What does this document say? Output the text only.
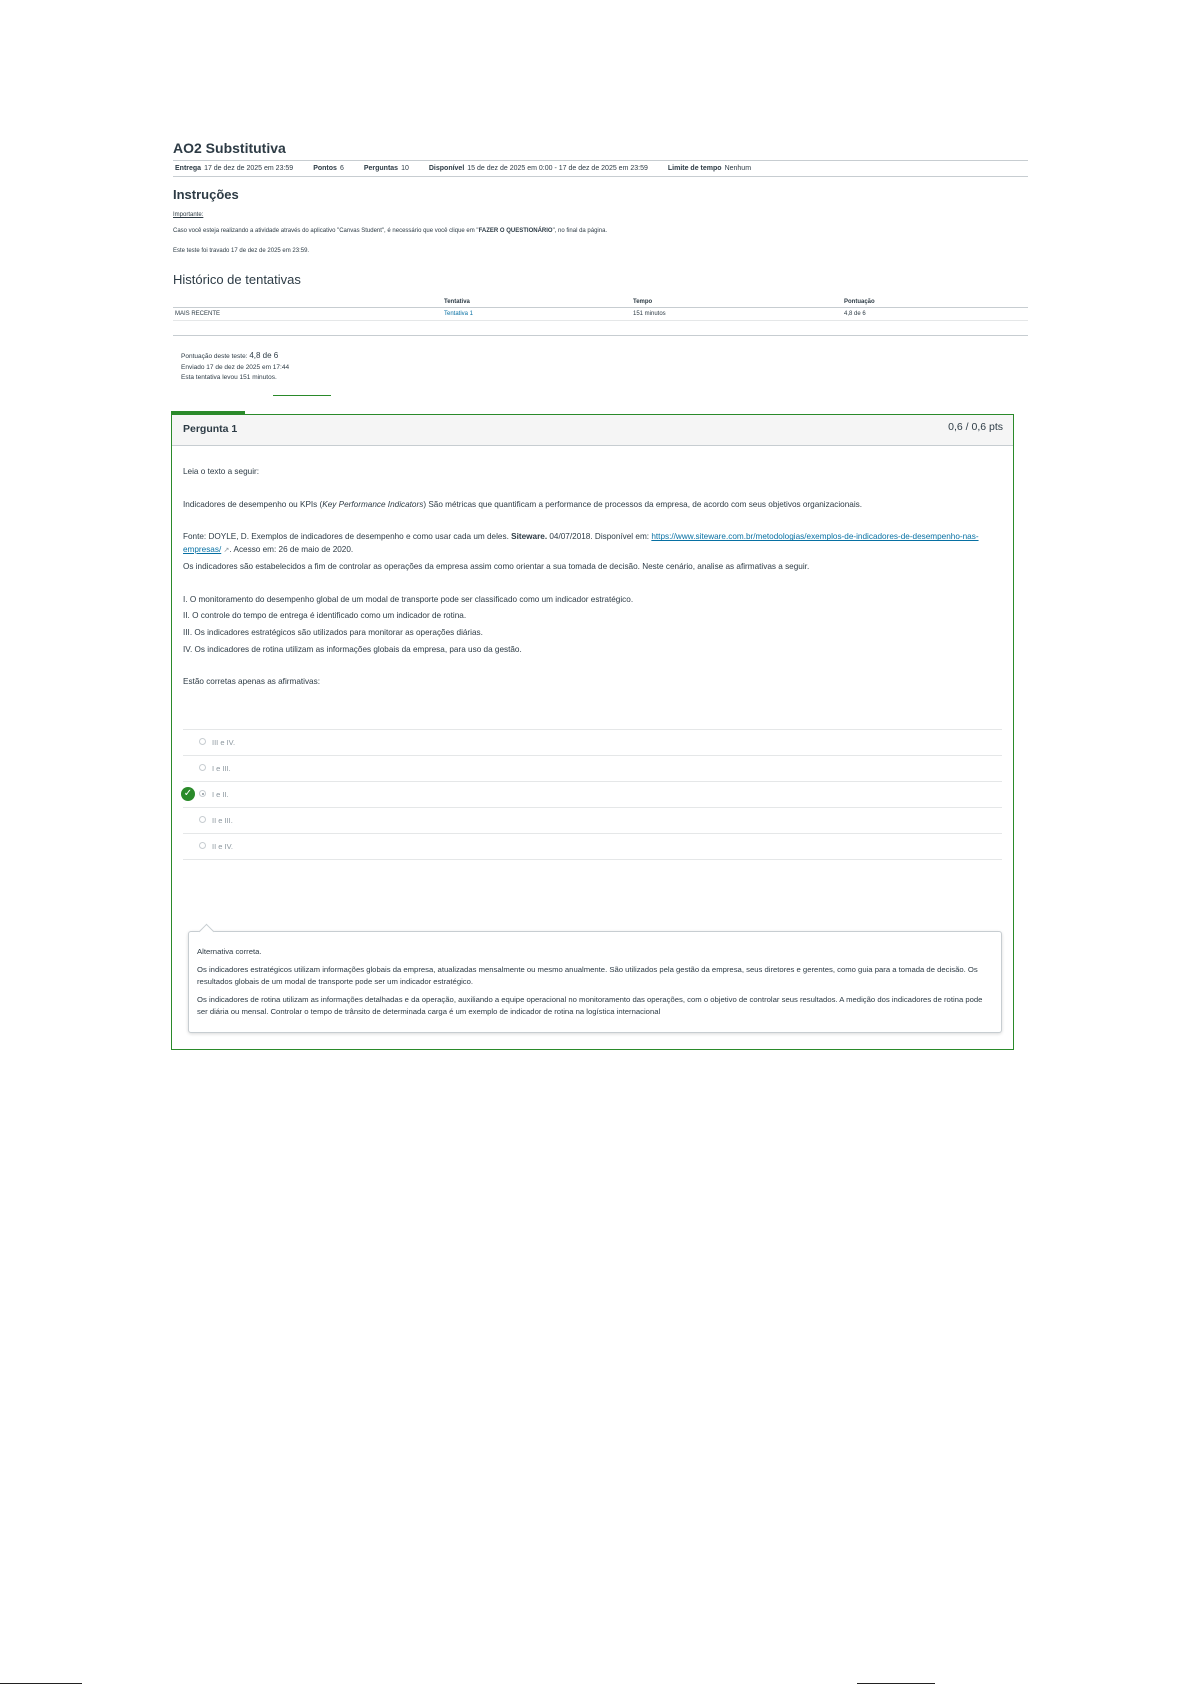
AO2 Substitutiva
Entrega 17 de dez de 2025 em 23:59	Pontos 6	Perguntas 10	Disponível 15 de dez de 2025 em 0:00 - 17 de dez de 2025 em 23:59	Limite de tempo Nenhum
Instruções

Importante:

Caso você esteja realizando a atividade através do aplicativo "Canvas Student", é necessário que você clique em "FAZER O QUESTIONÁRIO", no final da página.

Este teste foi travado 17 de dez de 2025 em 23:59.

Histórico de tentativas
	Tentativa	Tempo	Pontuação
MAIS RECENTE	Tentativa 1	151 minutos	4,8 de 6

Pontuação deste teste: 4,8 de 6
Enviado 17 de dez de 2025 em 17:44
Esta tentativa levou 151 minutos.
Pergunta 1	0,6 / 0,6 pts

Leia o texto a seguir:

Indicadores de desempenho ou KPIs (Key Performance Indicators) São métricas que quantificam a performance de processos da empresa, de acordo com seus objetivos organizacionais.

Fonte: DOYLE, D. Exemplos de indicadores de desempenho e como usar cada um deles. Siteware. 04/07/2018. Disponível em: https://www.siteware.com.br/metodologias/exemplos-de-indicadores-de-desempenho-nas-empresas/ ↗. Acesso em: 26 de maio de 2020.

Os indicadores são estabelecidos a fim de controlar as operações da empresa assim como orientar a sua tomada de decisão. Neste cenário, analise as afirmativas a seguir.

I. O monitoramento do desempenho global de um modal de transporte pode ser classificado como um indicador estratégico.

II. O controle do tempo de entrega é identificado como um indicador de rotina.

III. Os indicadores estratégicos são utilizados para monitorar as operações diárias.

IV. Os indicadores de rotina utilizam as informações globais da empresa, para uso da gestão.

Estão corretas apenas as afirmativas:

III e IV.
I e III.
✓	I e II.
II e III.
II e IV.

Alternativa correta.

Os indicadores estratégicos utilizam informações globais da empresa, atualizadas mensalmente ou mesmo anualmente. São utilizados pela gestão da empresa, seus diretores e gerentes, como guia para a tomada de decisão. Os resultados globais de um modal de transporte pode ser um indicador estratégico.

Os indicadores de rotina utilizam as informações detalhadas e da operação, auxiliando a equipe operacional no monitoramento das operações, com o objetivo de controlar seus resultados. A medição dos indicadores de rotina pode ser diária ou mensal. Controlar o tempo de trânsito de determinada carga é um exemplo de indicador de rotina na logística internacional
